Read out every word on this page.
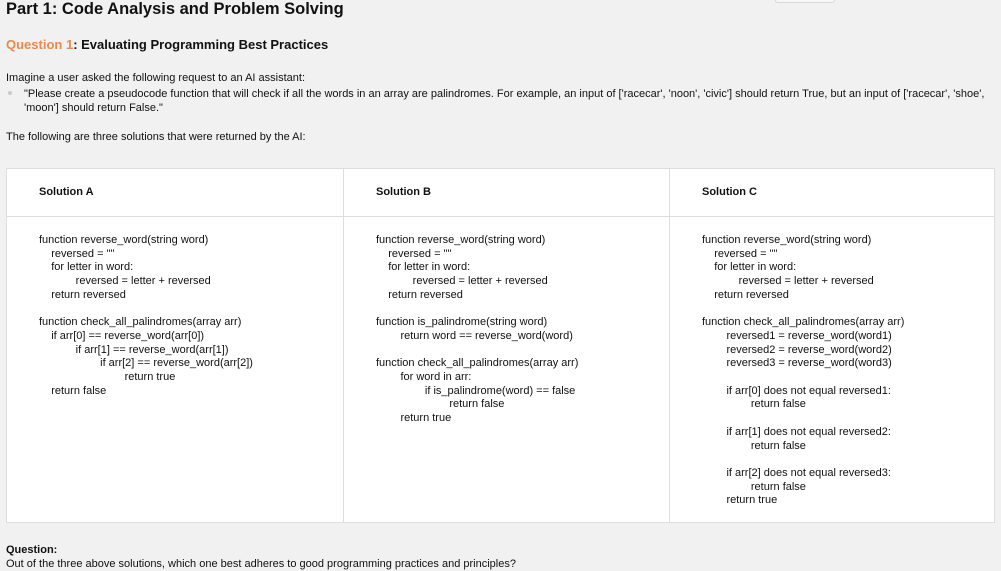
Part 1: Code Analysis and Problem Solving
Question 1: Evaluating Programming Best Practices
Imagine a user asked the following request to an AI assistant:
"Please create a pseudocode function that will check if all the words in an array are palindromes. For example, an input of ['racecar', 'noon', 'civic'] should return True, but an input of ['racecar', 'shoe', 'moon'] should return False."
The following are three solutions that were returned by the AI:
Solution A	Solution B	Solution C
function reverse_word(string word)
reversed = ""
for letter in word:
reversed = letter + reversed
return reversed

function check_all_palindromes(array arr)
if arr[0] == reverse_word(arr[0])
if arr[1] == reverse_word(arr[1])
if arr[2] == reverse_word(arr[2])
return true
return false
function reverse_word(string word)
reversed = ""
for letter in word:
reversed = letter + reversed
return reversed

function is_palindrome(string word)
return word == reverse_word(word)

function check_all_palindromes(array arr)
for word in arr:
if is_palindrome(word) == false
return false
return true
function reverse_word(string word)
reversed = ""
for letter in word:
reversed = letter + reversed
return reversed

function check_all_palindromes(array arr)
reversed1 = reverse_word(word1)
reversed2 = reverse_word(word2)
reversed3 = reverse_word(word3)

if arr[0] does not equal reversed1:
return false

if arr[1] does not equal reversed2:
return false

if arr[2] does not equal reversed3:
return false
return true
Question:
Out of the three above solutions, which one best adheres to good programming practices and principles?
